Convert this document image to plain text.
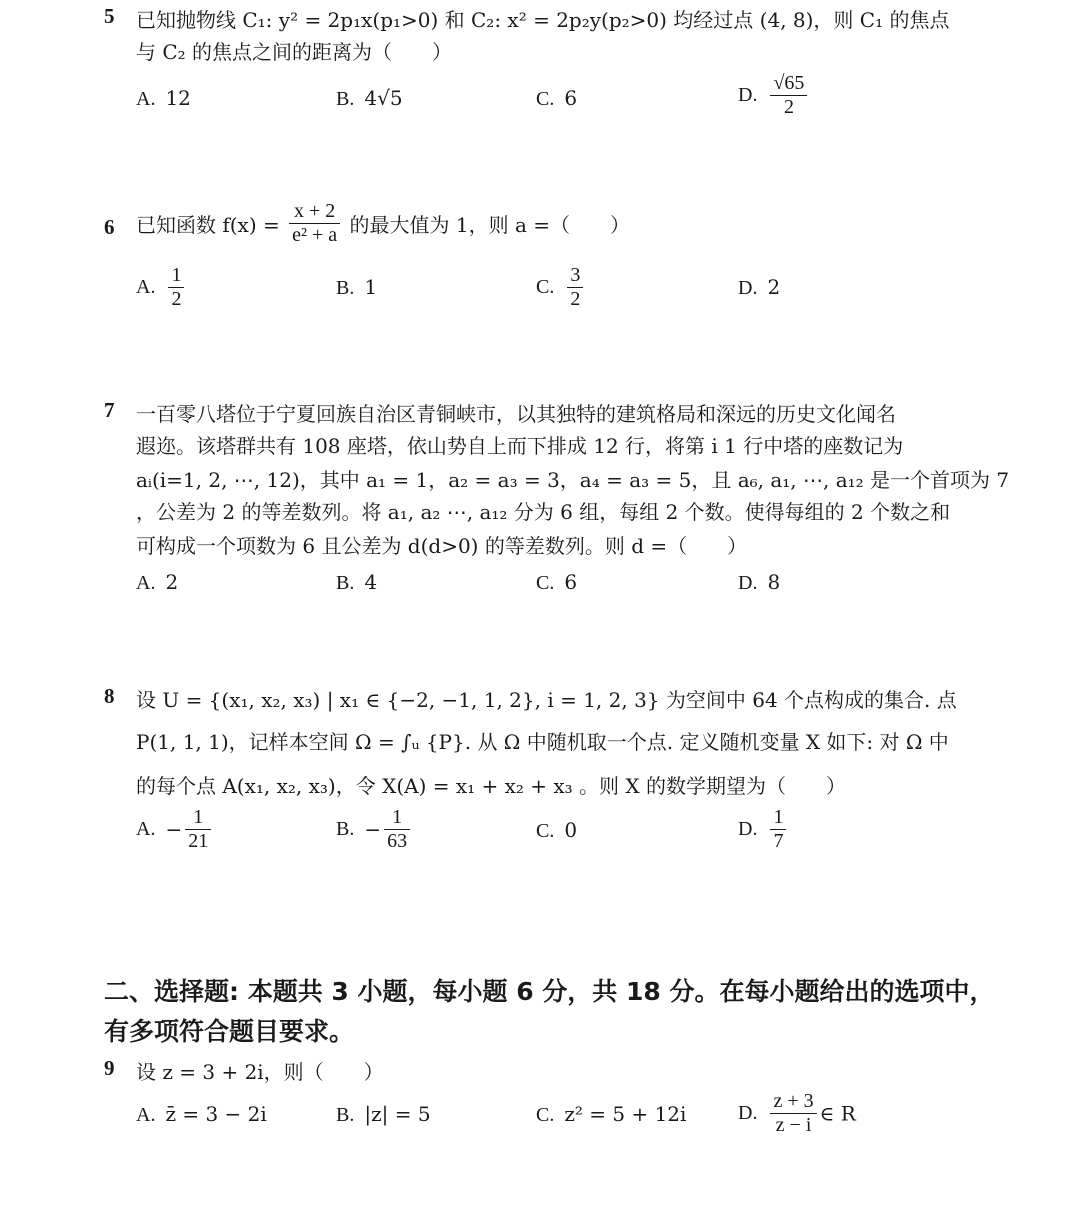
5 已知抛物线 C₁: y² = 2p₁x(p₁>0) 和 C₂: x² = 2p₂y(p₂>0) 均经过点 (4, 8)，则 C₁ 的焦点
与 C₂ 的焦点之间的距离为（　　）
A. 12	B. 4√5	C. 6	D. $\frac{√65}{2}$
6 已知函数 $f(x) = \frac{x + 2}{\text{e² + a}}$ 的最大值为 1，则 a =（　　）
A. $\frac{1}{2}$	B. 1	C. $\frac{3}{2}$	D. 2
7 一百零八塔位于宁夏回族自治区青铜峡市，以其独特的建筑格局和深远的历史文化闻名
遐迩。该塔群共有 108 座塔，依山势自上而下排成 12 行，将第 i 1 行中塔的座数记为
aᵢ(i=1, 2, ⋯, 12)，其中 a₁ = 1，a₂ = a₃ = 3，a₄ = a₃ = 5，且 a₆, a₁, ⋯, a₁₂ 是一个首项为 7
，公差为 2 的等差数列。将 a₁, a₂ ⋯, a₁₂ 分为 6 组，每组 2 个数。使得每组的 2 个数之和
可构成一个项数为 6 且公差为 d(d>0) 的等差数列。则 d =（　　）
A. 2	B. 4	C. 6	D. 8
8 设 U = {(x₁, x₂, x₃) | x₁ ∈ {−2, −1, 1, 2}, i = 1, 2, 3} 为空间中 64 个点构成的集合. 点
P(1, 1, 1)，记样本空间 Ω = ∫ᵤ {P}. 从 Ω 中随机取一个点. 定义随机变量 X 如下: 对 Ω 中
的每个点 A(x₁, x₂, x₃)，令 X(A) = x₁ + x₂ + x₃ 。则 X 的数学期望为（　　）
A. − $\frac{1}{21}$	B. − $\frac{1}{63}$	C. 0	D. $\frac{1}{7}$
二、选择题: 本题共 3 小题，每小题 6 分，共 18 分。在每小题给出的选项中，
有多项符合题目要求。
9 设 z = 3 + 2i，则（　　）
A. z̄ = 3 − 2i	B. |z| = 5	C. z² = 5 + 12i	D. $\frac{z + 3}{z - i}$ ∈ R
